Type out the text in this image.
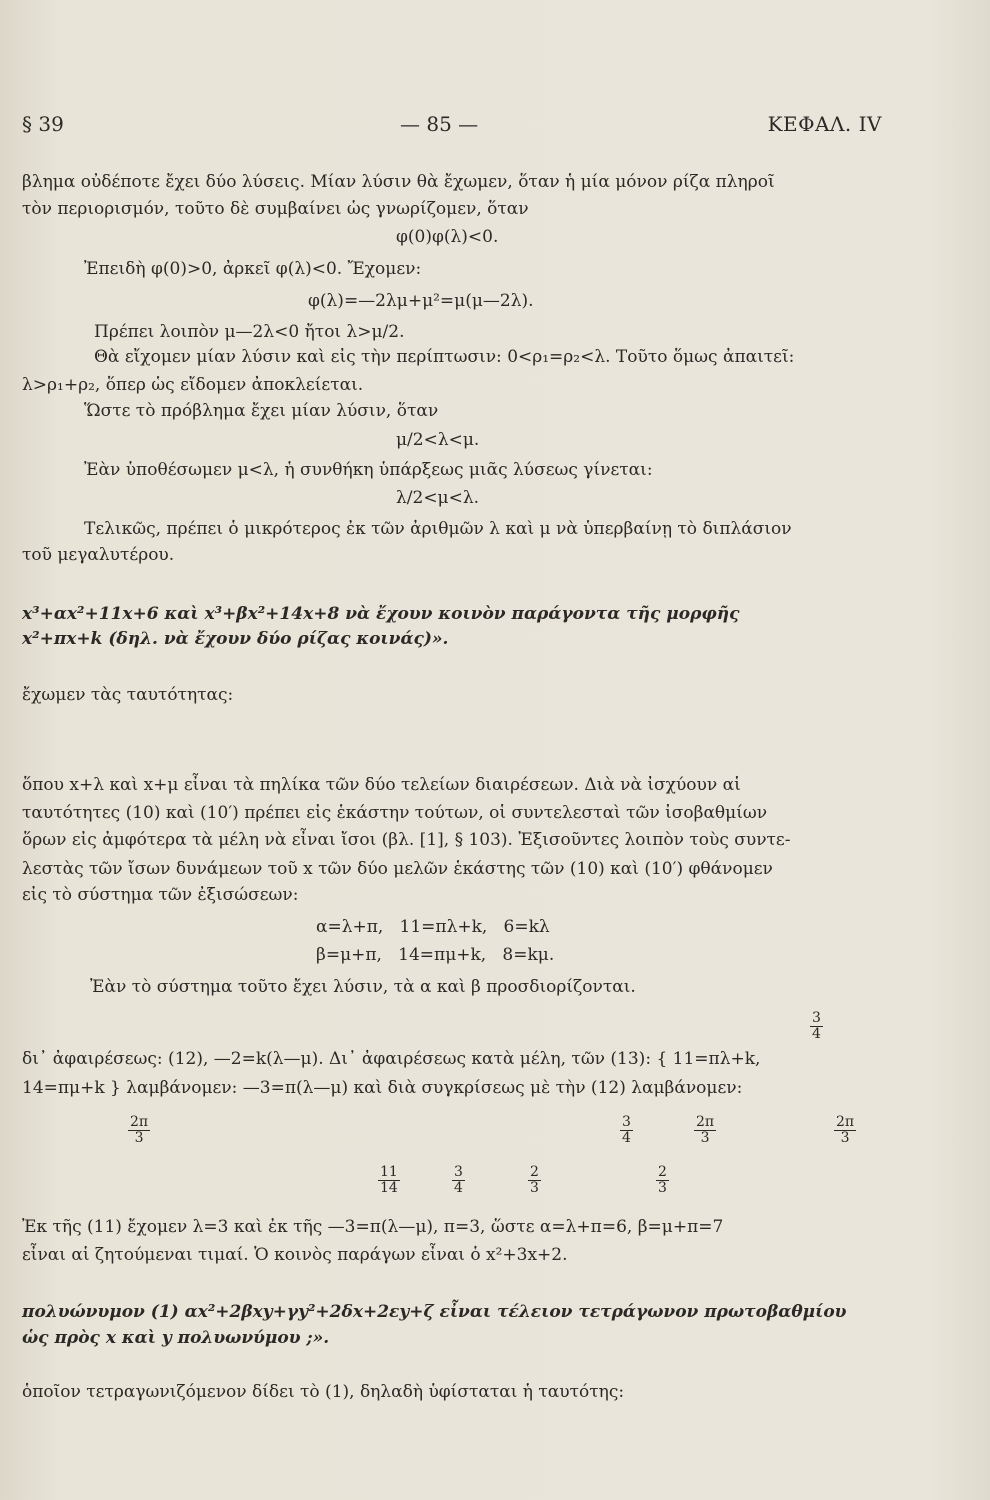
§ 39	— 85 —	ΚΕΦΑΛ. IV
βλημα οὐδέποτε ἔχει δύο λύσεις. Μίαν λύσιν θὰ ἔχωμεν, ὅταν ἡ μία μόνον ρίζα πληροῖ
τὸν περιορισμόν, τοῦτο δὲ συμβαίνει ὡς γνωρίζομεν, ὅταν
φ(0)φ(λ)<0.
Ἐπειδὴ φ(0)>0, ἀρκεῖ φ(λ)<0. Ἔχομεν:
φ(λ)=—2λμ+μ²=μ(μ—2λ).
Πρέπει λοιπὸν μ—2λ<0 ἤτοι λ>μ/2.
Θὰ εἴχομεν μίαν λύσιν καὶ εἰς τὴν περίπτωσιν: 0<ρ₁=ρ₂<λ. Τοῦτο ὅμως ἀπαιτεῖ:
λ>ρ₁+ρ₂, ὅπερ ὡς εἴδομεν ἀποκλείεται.
Ὥστε τὸ πρόβλημα ἔχει μίαν λύσιν, ὅταν
μ/2<λ<μ.
Ἐὰν ὑποθέσωμεν μ<λ, ἡ συνθήκη ὑπάρξεως μιᾶς λύσεως γίνεται:
λ/2<μ<λ.
Τελικῶς, πρέπει ὁ μικρότερος ἐκ τῶν ἀριθμῶν λ καὶ μ νὰ ὑπερβαίνῃ τὸ διπλάσιον
τοῦ μεγαλυτέρου.

x³+αx²+11x+6 καὶ x³+βx²+14x+8 νὰ ἔχουν κοινὸν παράγοντα τῆς μορφῆς
x²+πx+k (δηλ. νὰ ἔχουν δύο ρίζας κοινάς)».

ἔχωμεν τὰς ταυτότητας:

ὅπου x+λ καὶ x+μ εἶναι τὰ πηλίκα τῶν δύο τελείων διαιρέσεων. Διὰ νὰ ἰσχύουν αἱ
ταυτότητες (10) καὶ (10′) πρέπει εἰς ἑκάστην τούτων, οἱ συντελεσταὶ τῶν ἰσοβαθμίων
ὅρων εἰς ἀμφότερα τὰ μέλη νὰ εἶναι ἴσοι (βλ. [1], § 103). Ἐξισοῦντες λοιπὸν τοὺς συντε-
λεστὰς τῶν ἴσων δυνάμεων τοῦ x τῶν δύο μελῶν ἑκάστης τῶν (10) καὶ (10′) φθάνομεν
εἰς τὸ σύστημα τῶν ἐξισώσεων:
α=λ+π,   11=πλ+k,   6=kλ
β=μ+π,   14=πμ+k,   8=kμ.
Ἐὰν τὸ σύστημα τοῦτο ἔχει λύσιν, τὰ α καὶ β προσδιορίζονται.

$\frac{3}{4}$

δι᾿ ἀφαιρέσεως: (12), —2=k(λ—μ). Δι᾿ ἀφαιρέσεως κατὰ μέλη, τῶν (13): { 11=πλ+k,
14=πμ+k } λαμβάνομεν: —3=π(λ—μ) καὶ διὰ συγκρίσεως μὲ τὴν (12) λαμβάνομεν:

$\frac{2\pi}{3}$

	$\frac{3}{4}$

	$\frac{2\pi}{3}$

	$\frac{2\pi}{3}$

$\frac{11}{14}$

	$\frac{3}{4}$

	$\frac{2}{3}$

	$\frac{2}{3}$

Ἐκ τῆς (11) ἔχομεν λ=3 καὶ ἐκ τῆς —3=π(λ—μ), π=3, ὥστε α=λ+π=6, β=μ+π=7
εἶναι αἱ ζητούμεναι τιμαί. Ὁ κοινὸς παράγων εἶναι ὁ x²+3x+2.

πολυώνυμον (1) αx²+2βxy+γy²+2δx+2εy+ζ εἶναι τέλειον τετράγωνον πρωτοβαθμίου
ὡς πρὸς x καὶ y πολυωνύμου ;».

ὁποῖον τετραγωνιζόμενον δίδει τὸ (1), δηλαδὴ ὑφίσταται ἡ ταυτότης:
